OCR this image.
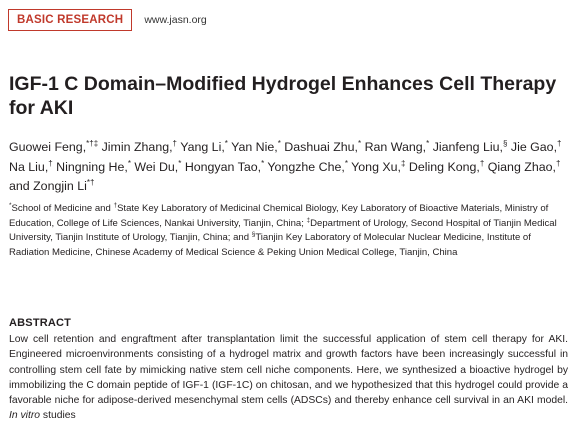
BASIC RESEARCH	www.jasn.org
IGF-1 C Domain–Modified Hydrogel Enhances Cell Therapy for AKI

Guowei Feng,*†‡ Jimin Zhang,† Yang Li,* Yan Nie,* Dashuai Zhu,* Ran Wang,* Jianfeng Liu,§ Jie Gao,† Na Liu,† Ningning He,* Wei Du,* Hongyan Tao,* Yongzhe Che,* Yong Xu,‡ Deling Kong,† Qiang Zhao,† and Zongjin Li*†

*School of Medicine and †State Key Laboratory of Medicinal Chemical Biology, Key Laboratory of Bioactive Materials, Ministry of Education, College of Life Sciences, Nankai University, Tianjin, China; ‡Department of Urology, Second Hospital of Tianjin Medical University, Tianjin Institute of Urology, Tianjin, China; and §Tianjin Key Laboratory of Molecular Nuclear Medicine, Institute of Radiation Medicine, Chinese Academy of Medical Science & Peking Union Medical College, Tianjin, China

ABSTRACT

Low cell retention and engraftment after transplantation limit the successful application of stem cell therapy for AKI. Engineered microenvironments consisting of a hydrogel matrix and growth factors have been increasingly successful in controlling stem cell fate by mimicking native stem cell niche components. Here, we synthesized a bioactive hydrogel by immobilizing the C domain peptide of IGF-1 (IGF-1C) on chitosan, and we hypothesized that this hydrogel could provide a favorable niche for adipose-derived mesenchymal stem cells (ADSCs) and thereby enhance cell survival in an AKI model. In vitro studies
